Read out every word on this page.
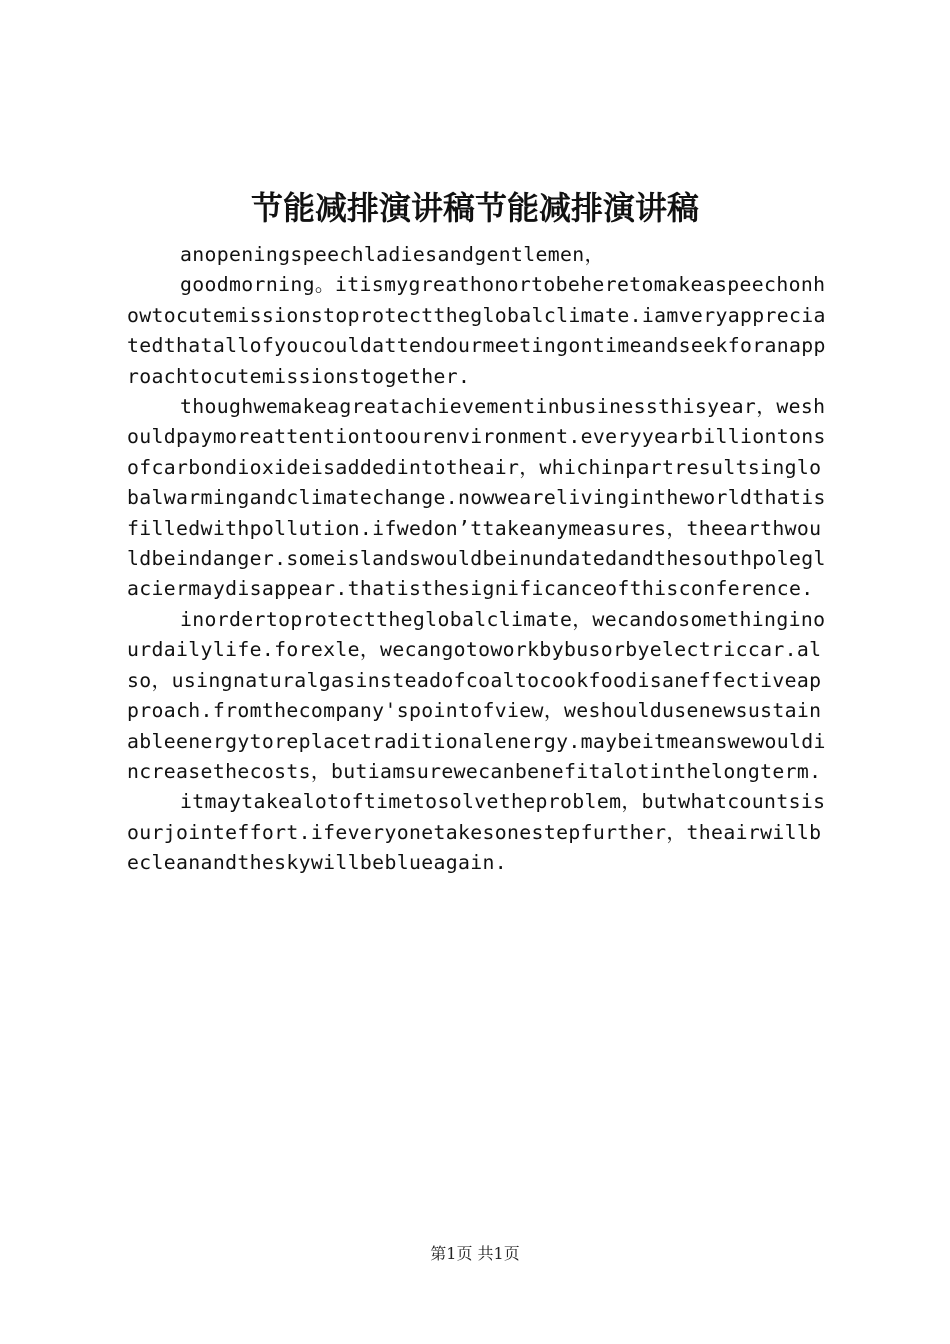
节能减排演讲稿节能减排演讲稿

anopeningspeechladiesandgentlemen，

goodmorning。itismygreathonortobeheretomakeaspeechonhowtocutemissionstoprotecttheglobalclimate.iamveryappreciatedthatallofyoucouldattendourmeetingontimeandseekforanapproachtocutemissionstogether.

thoughwemakeagreatachievementinbusinessthisyear，weshouldpaymoreattentiontoourenvironment.everyyearbilliontonsofcarbondioxideisaddedintotheair，whichinpartresultsinglobalwarmingandclimatechange.nowwearelivingintheworldthatisfilledwithpollution.ifwedon’ttakeanymeasures，theearthwouldbeindanger.someislandswouldbeinundatedandthesouthpoleglaciermaydisappear.thatisthesignificanceofthisconference.

inordertoprotecttheglobalclimate，wecandosomethinginourdailylife.forexle，wecangotoworkbybusorbyelectriccar.also，usingnaturalgasinsteadofcoaltocookfoodisaneffectiveapproach.fromthecompany'spointofview，weshouldusenewsustainableenergytoreplacetraditionalenergy.maybeitmeanswewouldincreasethecosts，butiamsurewecanbenefitalotinthelongterm.

itmaytakealotoftimetosolvetheproblem，butwhatcountsisourjointeffort.ifeveryonetakesonestepfurther，theairwillbecleanandtheskywillbeblueagain.

第1页 共1页
